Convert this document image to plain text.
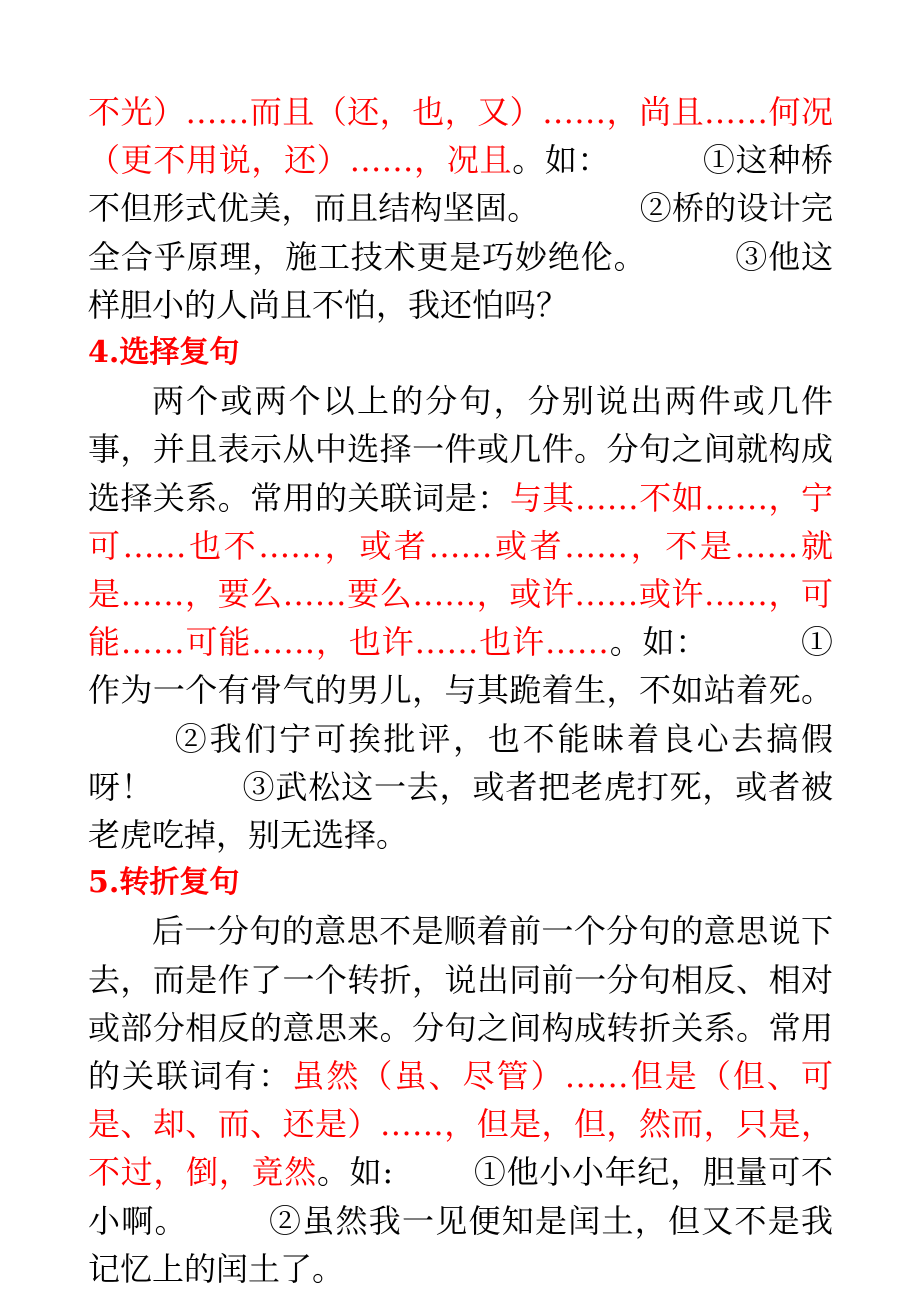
不光）……而且（还，也，又）……，尚且……何况（更不用说，还）……，况且。如：	①这种桥不但形式优美，而且结构坚固。	②桥的设计完全合乎原理，施工技术更是巧妙绝伦。	③他这样胆小的人尚且不怕，我还怕吗？

4.选择复句

两个或两个以上的分句，分别说出两件或几件事，并且表示从中选择一件或几件。分句之间就构成选择关系。常用的关联词是：与其……不如……，宁可……也不……，或者……或者……，不是……就是……，要么……要么……，或许……或许……，可能……可能……，也许……也许……。如：	①作为一个有骨气的男儿，与其跪着生，不如站着死。②我们宁可挨批评，也不能昧着良心去搞假呀！	③武松这一去，或者把老虎打死，或者被老虎吃掉，别无选择。

5.转折复句

后一分句的意思不是顺着前一个分句的意思说下去，而是作了一个转折，说出同前一分句相反、相对或部分相反的意思来。分句之间构成转折关系。常用的关联词有：虽然（虽、尽管）……但是（但、可是、却、而、还是）……，但是，但，然而，只是，不过，倒，竟然。如:	①他小小年纪，胆量可不小啊。	②虽然我一见便知是闰土，但又不是我记忆上的闰土了。
